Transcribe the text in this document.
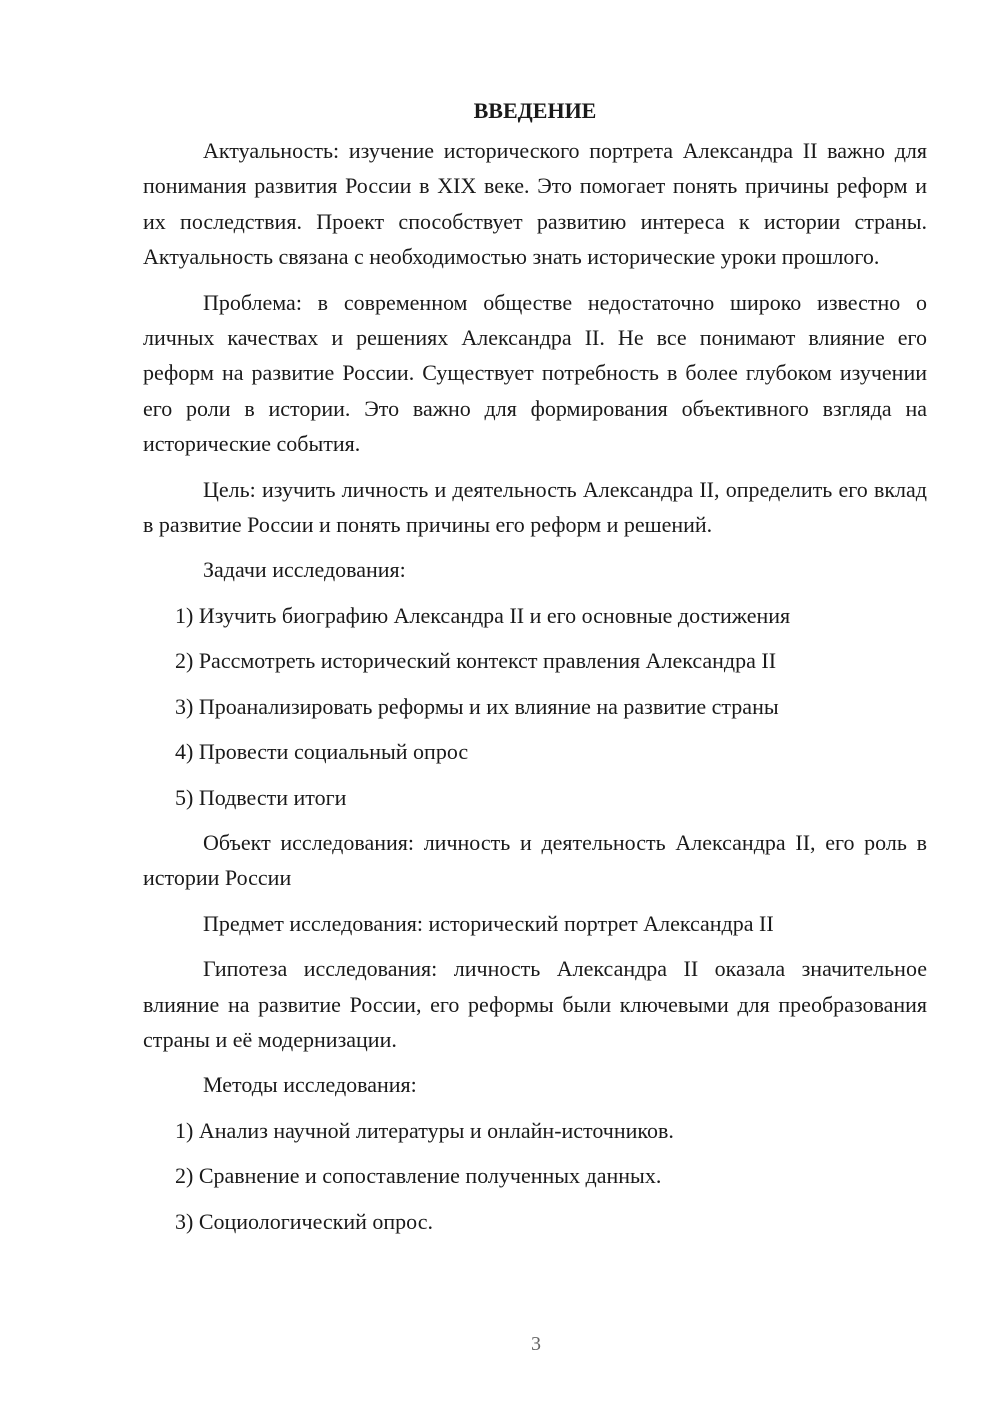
ВВЕДЕНИЕ

Актуальность: изучение исторического портрета Александра II важно для понимания развития России в XIX веке. Это помогает понять причины реформ и их последствия. Проект способствует развитию интереса к истории страны. Актуальность связана с необходимостью знать исторические уроки прошлого.

Проблема: в современном обществе недостаточно широко известно о личных качествах и решениях Александра II. Не все понимают влияние его реформ на развитие России. Существует потребность в более глубоком изучении его роли в истории. Это важно для формирования объективного взгляда на исторические события.

Цель: изучить личность и деятельность Александра II, определить его вклад в развитие России и понять причины его реформ и решений.

Задачи исследования:

1) Изучить биографию Александра II и его основные достижения
2) Рассмотреть исторический контекст правления Александра II
3) Проанализировать реформы и их влияние на развитие страны
4) Провести социальный опрос
5) Подвести итоги

Объект исследования: личность и деятельность Александра II, его роль в истории России

Предмет исследования: исторический портрет Александра II

Гипотеза исследования: личность Александра II оказала значительное влияние на развитие России, его реформы были ключевыми для преобразования страны и её модернизации.

Методы исследования:

1) Анализ научной литературы и онлайн-источников.
2) Сравнение и сопоставление полученных данных.
3) Социологический опрос.
3
